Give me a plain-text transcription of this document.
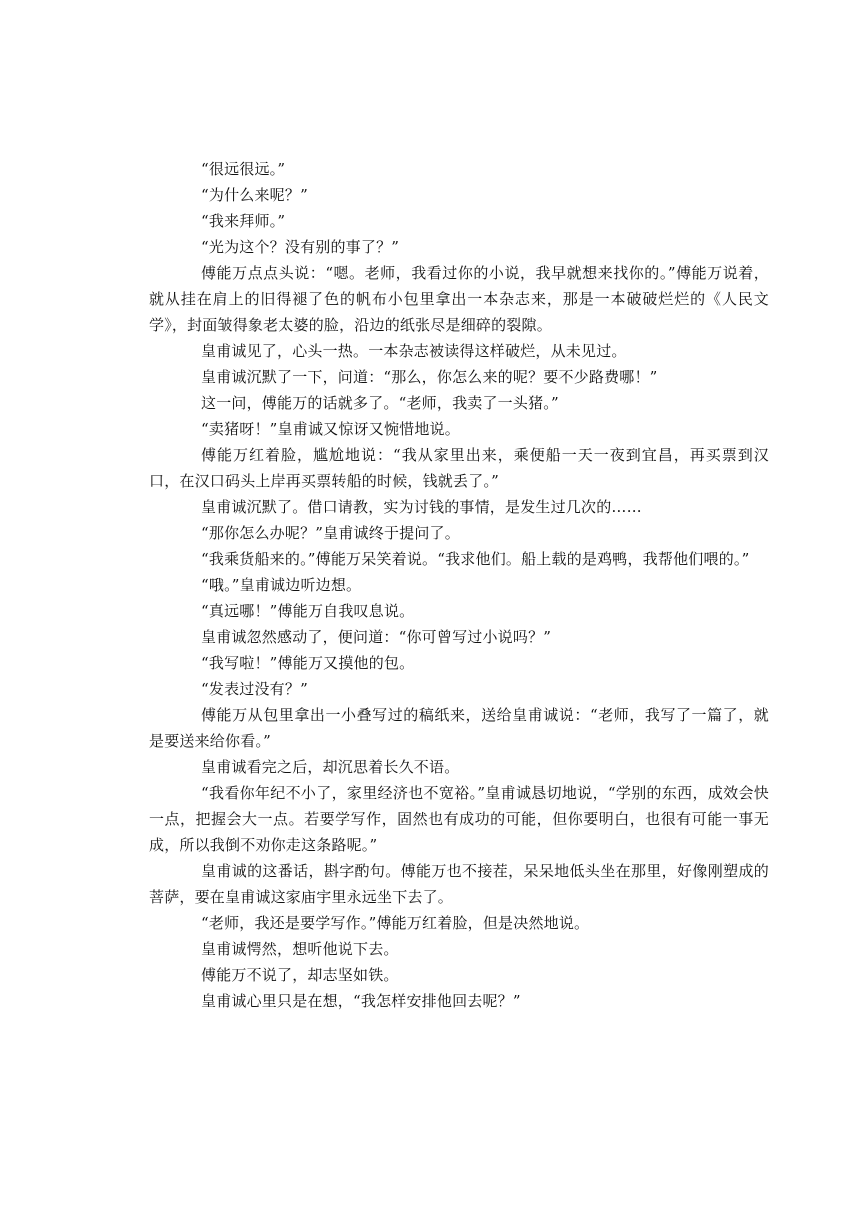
“很远很远。”

“为什么来呢？”

“我来拜师。”

“光为这个？没有别的事了？”

傅能万点点头说：“嗯。老师，我看过你的小说，我早就想来找你的。”傅能万说着，就从挂在肩上的旧得褪了色的帆布小包里拿出一本杂志来，那是一本破破烂烂的《人民文学》，封面皱得象老太婆的脸，沿边的纸张尽是细碎的裂隙。

皇甫诚见了，心头一热。一本杂志被读得这样破烂，从未见过。

皇甫诚沉默了一下，问道：“那么，你怎么来的呢？要不少路费哪！”

这一问，傅能万的话就多了。“老师，我卖了一头猪。”

“卖猪呀！”皇甫诚又惊讶又惋惜地说。

傅能万红着脸，尴尬地说：“我从家里出来，乘便船一天一夜到宜昌，再买票到汉口，在汉口码头上岸再买票转船的时候，钱就丢了。”

皇甫诚沉默了。借口请教，实为讨钱的事情，是发生过几次的……

“那你怎么办呢？”皇甫诚终于提问了。

“我乘货船来的。”傅能万呆笑着说。“我求他们。船上载的是鸡鸭，我帮他们喂的。”

“哦。”皇甫诚边听边想。

“真远哪！”傅能万自我叹息说。

皇甫诚忽然感动了，便问道：“你可曾写过小说吗？”

“我写啦！”傅能万又摸他的包。

“发表过没有？”

傅能万从包里拿出一小叠写过的稿纸来，送给皇甫诚说：“老师，我写了一篇了，就是要送来给你看。”

皇甫诚看完之后，却沉思着长久不语。

“我看你年纪不小了，家里经济也不宽裕。”皇甫诚恳切地说，“学别的东西，成效会快一点，把握会大一点。若要学写作，固然也有成功的可能，但你要明白，也很有可能一事无成，所以我倒不劝你走这条路呢。”

皇甫诚的这番话，斟字酌句。傅能万也不接茬，呆呆地低头坐在那里，好像刚塑成的菩萨，要在皇甫诚这家庙宇里永远坐下去了。

“老师，我还是要学写作。”傅能万红着脸，但是决然地说。

皇甫诚愕然，想听他说下去。

傅能万不说了，却志坚如铁。

皇甫诚心里只是在想，“我怎样安排他回去呢？”
